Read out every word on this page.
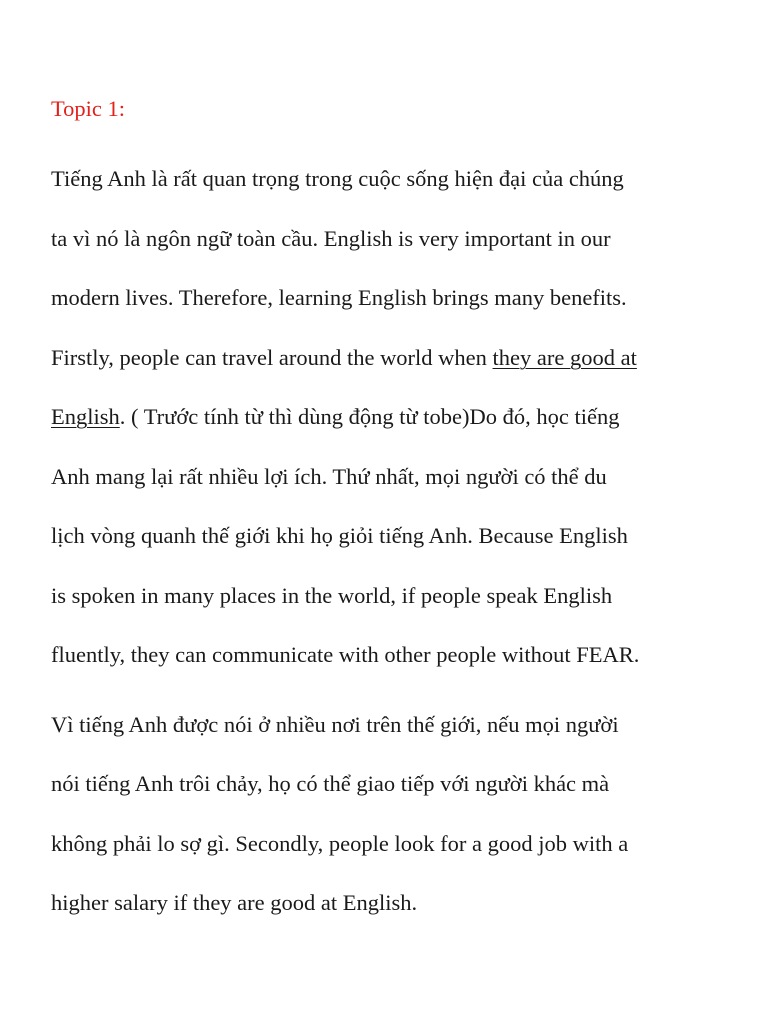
Topic 1:
Tiếng Anh là rất quan trọng trong cuộc sống hiện đại của chúng
ta vì nó là ngôn ngữ toàn cầu. English is very important in our
modern lives. Therefore, learning English brings many benefits.
Firstly, people can travel around the world when they are good at
English. ( Trước tính từ thì dùng động từ tobe)Do đó, học tiếng
Anh mang lại rất nhiều lợi ích. Thứ nhất, mọi người có thể du
lịch vòng quanh thế giới khi họ giỏi tiếng Anh. Because English
is spoken in many places in the world, if people speak English
fluently, they can communicate with other people without FEAR.
Vì tiếng Anh được nói ở nhiều nơi trên thế giới, nếu mọi người
nói tiếng Anh trôi chảy, họ có thể giao tiếp với người khác mà
không phải lo sợ gì. Secondly, people look for a good job with a
higher salary if they are good at English.
